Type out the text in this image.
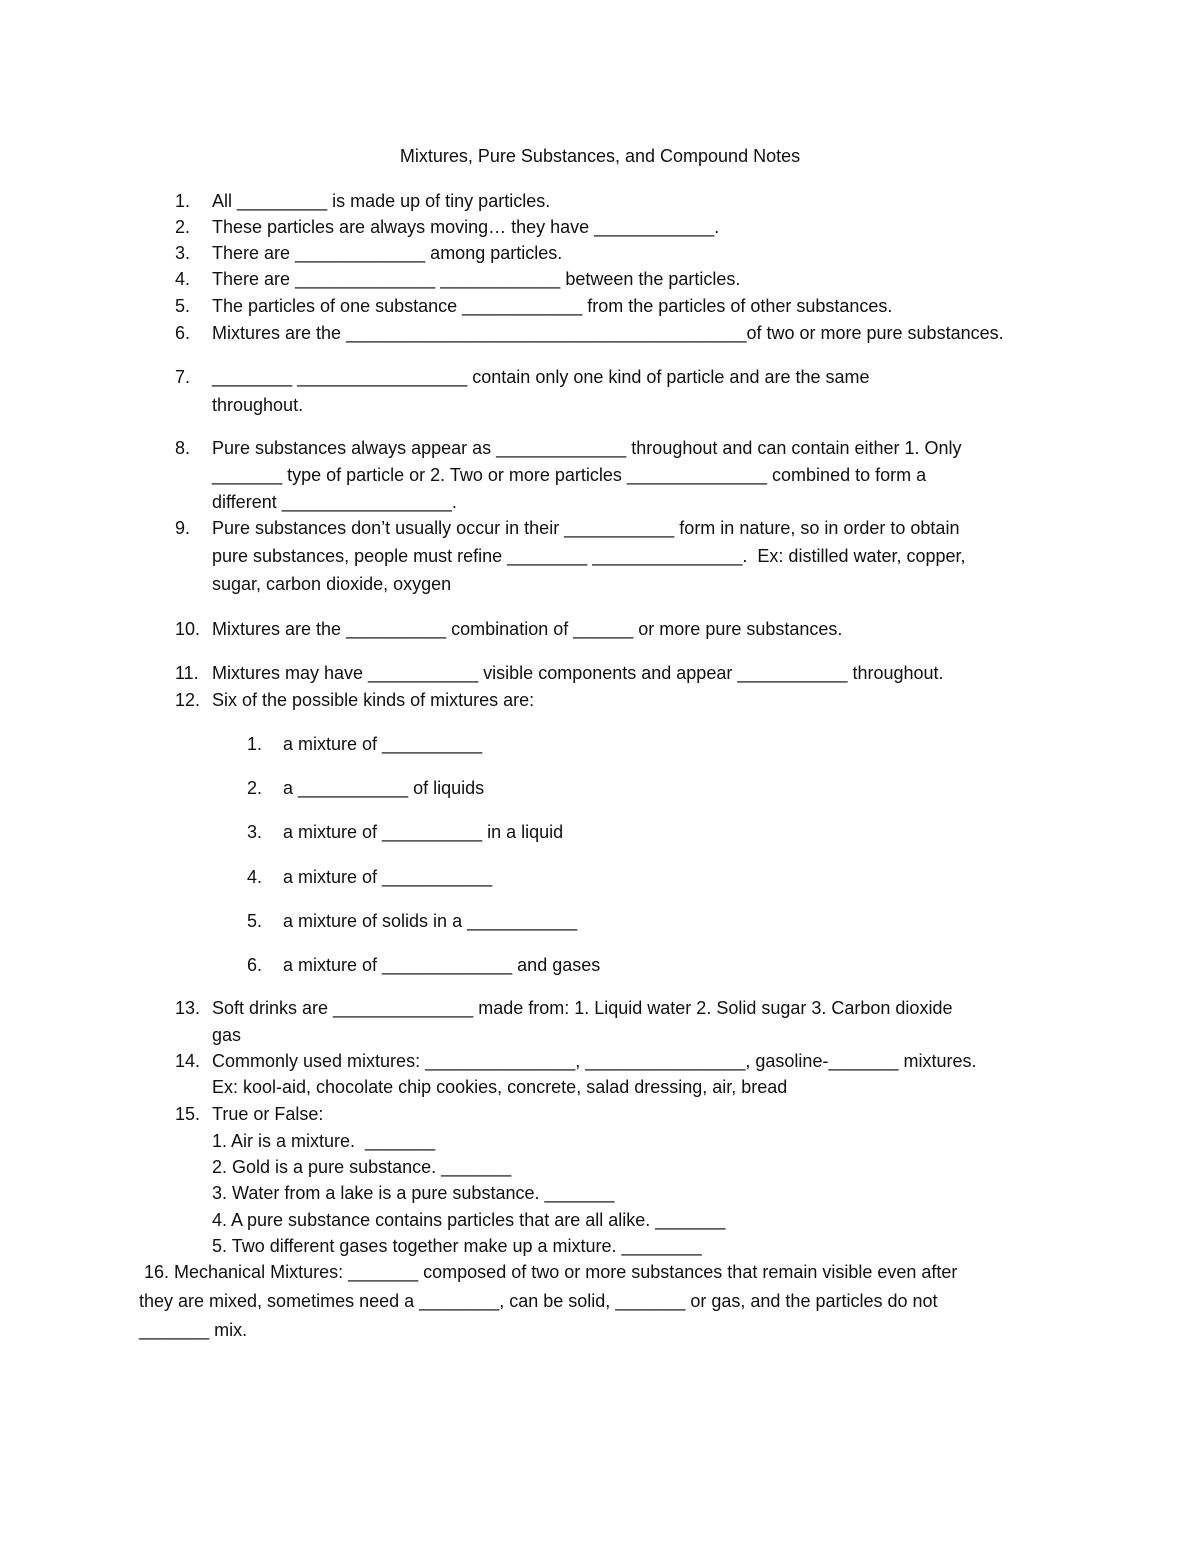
Mixtures, Pure Substances, and Compound Notes
1. All _________ is made up of tiny particles.
2. These particles are always moving… they have ____________.
3. There are _____________ among particles.
4. There are ______________ ____________ between the particles.
5. The particles of one substance ____________ from the particles of other substances.
6. Mixtures are the ________________________________________of two or more pure substances.
7. ________ _________________ contain only one kind of particle and are the same
throughout.
8. Pure substances always appear as _____________ throughout and can contain either 1. Only
_______ type of particle or 2. Two or more particles ______________ combined to form a
different _________________.
9. Pure substances don’t usually occur in their ___________ form in nature, so in order to obtain
pure substances, people must refine ________ _______________.  Ex: distilled water, copper,
sugar, carbon dioxide, oxygen
10. Mixtures are the __________ combination of ______ or more pure substances.
11. Mixtures may have ___________ visible components and appear ___________ throughout.
12. Six of the possible kinds of mixtures are:
1. a mixture of __________
2. a ___________ of liquids
3. a mixture of __________ in a liquid
4. a mixture of ___________
5. a mixture of solids in a ___________
6. a mixture of _____________ and gases
13. Soft drinks are ______________ made from: 1. Liquid water 2. Solid sugar 3. Carbon dioxide
gas
14. Commonly used mixtures: _______________, ________________, gasoline-_______ mixtures.
Ex: kool-aid, chocolate chip cookies, concrete, salad dressing, air, bread
15. True or False:
1. Air is a mixture.  _______
2. Gold is a pure substance. _______
3. Water from a lake is a pure substance. _______
4. A pure substance contains particles that are all alike. _______
5. Two different gases together make up a mixture. ________
16. Mechanical Mixtures: _______ composed of two or more substances that remain visible even after
they are mixed, sometimes need a ________, can be solid, _______ or gas, and the particles do not
_______ mix.
